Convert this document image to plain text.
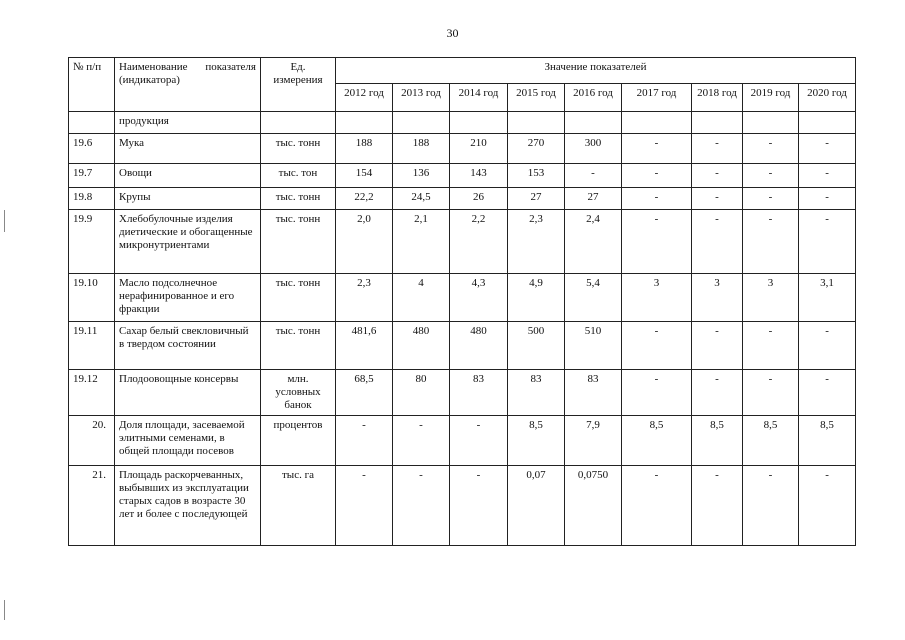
30
№ п/п	Наименование показателя (индикатора)	Ед. измерения	Значение показателей								
			2012 год	2013 год	2014 год	2015 год	2016 год	2017 год	2018 год	2019 год	2020 год
	продукция										
19.6	Мука	тыс. тонн	188	188	210	270	300	-	-	-	-
19.7	Овощи	тыс. тон	154	136	143	153	-	-	-	-	-
19.8	Крупы	тыс. тонн	22,2	24,5	26	27	27	-	-	-	-
19.9	Хлебобулочные изделия диетические и обогащенные микронутриентами	тыс. тонн	2,0	2,1	2,2	2,3	2,4	-	-	-	-
19.10	Масло подсолнечное нерафинированное и его фракции	тыс. тонн	2,3	4	4,3	4,9	5,4	3	3	3	3,1
19.11	Сахар белый свекловичный в твердом состоянии	тыс. тонн	481,6	480	480	500	510	-	-	-	-
19.12	Плодоовощные консервы	млн. условных банок	68,5	80	83	83	83	-	-	-	-
20.	Доля площади, засеваемой элитными семенами, в общей площади посевов	процентов	-	-	-	8,5	7,9	8,5	8,5	8,5	8,5
21.	Площадь раскорчеванных, выбывших из эксплуатации старых садов в возрасте 30 лет и более с последующей	тыс. га	-	-	-	0,07	0,0750	-	-	-	-
